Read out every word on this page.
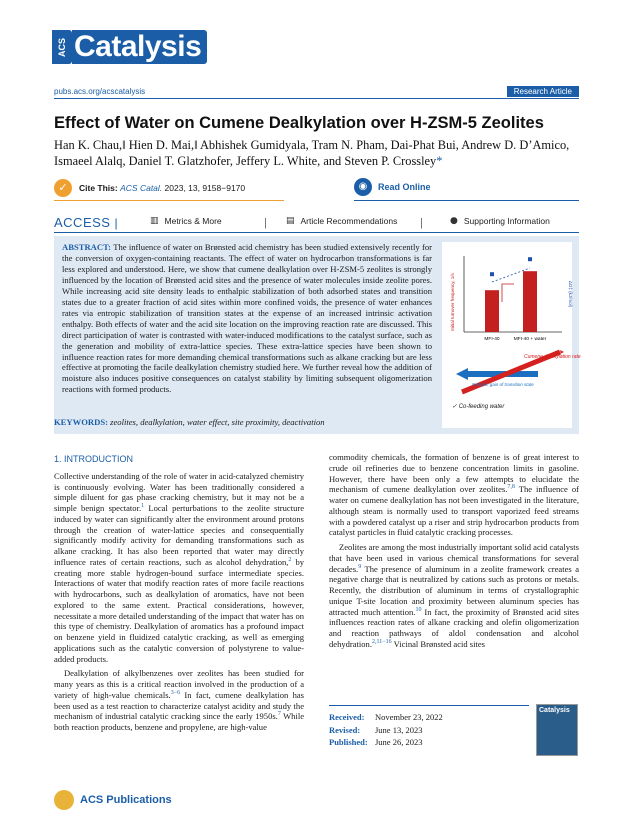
ACS Catalysis
pubs.acs.org/acscatalysis	Research Article
Effect of Water on Cumene Dealkylation over H-ZSM-5 Zeolites
Han K. Chau,‖ Hien D. Mai,‖ Abhishek Gumidyala, Tram N. Pham, Dai-Phat Bui, Andrew D. D’Amico,
Ismaeel Alalq, Daniel T. Glatzhofer, Jeffery L. White, and Steven P. Crossley*
✓	Cite This: ACS Catal. 2023, 13, 9158−9170	◉	Read Online
ACCESS |	▥ Metrics & More	| ▤ Article Recommendations |	● Supporting Information
ABSTRACT: The influence of water on Brønsted acid chemistry has been studied extensively recently for the conversion of oxygen-containing reactants. The effect of water on hydrocarbon transformations is far less explored and understood. Here, we show that cumene dealkylation over H-ZSM-5 zeolites is strongly influenced by the location of Brønsted acid sites and the presence of water molecules inside zeolite pores. While increasing acid site density leads to enthalpic stabilization of both adsorbed states and transition states due to a greater fraction of acid sites within more confined voids, the presence of water enhances rates via entropic stabilization of transition states at the expense of an increased intrinsic activation enthalpy. Both effects of water and the acid site location on the improving reaction rate are discussed. This direct participation of water is contrasted with water-induced modifications to the catalyst surface, such as the generation and mobility of extra-lattice species. These extra-lattice species have been shown to influence reaction rates for more demanding chemical transformations such as alkane cracking but are less effective at promoting the facile dealkylation chemistry studied here. We further reveal how the addition of moisture also induces positive consequences on catalyst stability by limiting subsequent oligomerization reactions with formed products.
Initial turnover frequency, 1/s	ΔG‡ (kJ/mol)
MFI-40	MFI-40 + water
Cumene dealkylation rate
Entropic gain of transition state
✓ Co-feeding water
KEYWORDS: zeolites, dealkylation, water effect, site proximity, deactivation
1. INTRODUCTION

Collective understanding of the role of water in acid-catalyzed chemistry is continuously evolving. Water has been traditionally considered a simple diluent for gas phase cracking chemistry, but it may not be a simple benign spectator.$^1$ Local perturbations to the zeolite structure induced by water can significantly alter the environment around protons through the creation of water-lattice species and consequentially significantly modify activity for demanding transformations such as alkane cracking. It has also been reported that water may directly influence rates of certain reactions, such as alcohol dehydration,$^2$ by creating more stable hydrogen-bound surface intermediate species. Interactions of water that modify reaction rates of more facile reactions with hydrocarbons, such as dealkylation of aromatics, have not been explored to the same extent. Practical considerations, however, necessitate a more detailed understanding of the impact that water has on this type of chemistry. Dealkylation of aromatics has a profound impact on benzene yield in fluidized catalytic cracking, as well as emerging applications such as the catalytic conversion of polystyrene to value-added products.

Dealkylation of alkylbenzenes over zeolites has been studied for many years as this is a critical reaction involved in the production of a variety of high-value chemicals.$^{3-6}$ In fact, cumene dealkylation has been used as a test reaction to characterize catalyst acidity and study the mechanism of industrial catalytic cracking since the early 1950s.$^7$ While both reaction products, benzene and propylene, are high-value

commodity chemicals, the formation of benzene is of great interest to crude oil refineries due to benzene concentration limits in gasoline. However, there have been only a few attempts to elucidate the mechanism of cumene dealkylation over zeolites.$^{7,8}$ The influence of water on cumene dealkylation has not been investigated in the literature, although steam is normally used to transport vaporized feed streams with a powdered catalyst up a riser and strip hydrocarbon products from catalyst particles in fluid catalytic cracking processes.

Zeolites are among the most industrially important solid acid catalysts that have been used in various chemical transformations for several decades.$^9$ The presence of aluminum in a zeolite framework creates a negative charge that is neutralized by cations such as protons or metals. Recently, the distribution of aluminum in terms of crystallographic unique T-site location and proximity between aluminum species has attracted much attention.$^{10}$ In fact, the proximity of Brønsted acid sites influences reaction rates of alkane cracking and olefin oligomerization and reaction pathways of aldol condensation and alcohol dehydration.$^{2,11-16}$ Vicinal Brønsted acid sites

Received: November 23, 2022
Revised: June 13, 2023
Published: June 26, 2023
Catalysis
ACS Publications
